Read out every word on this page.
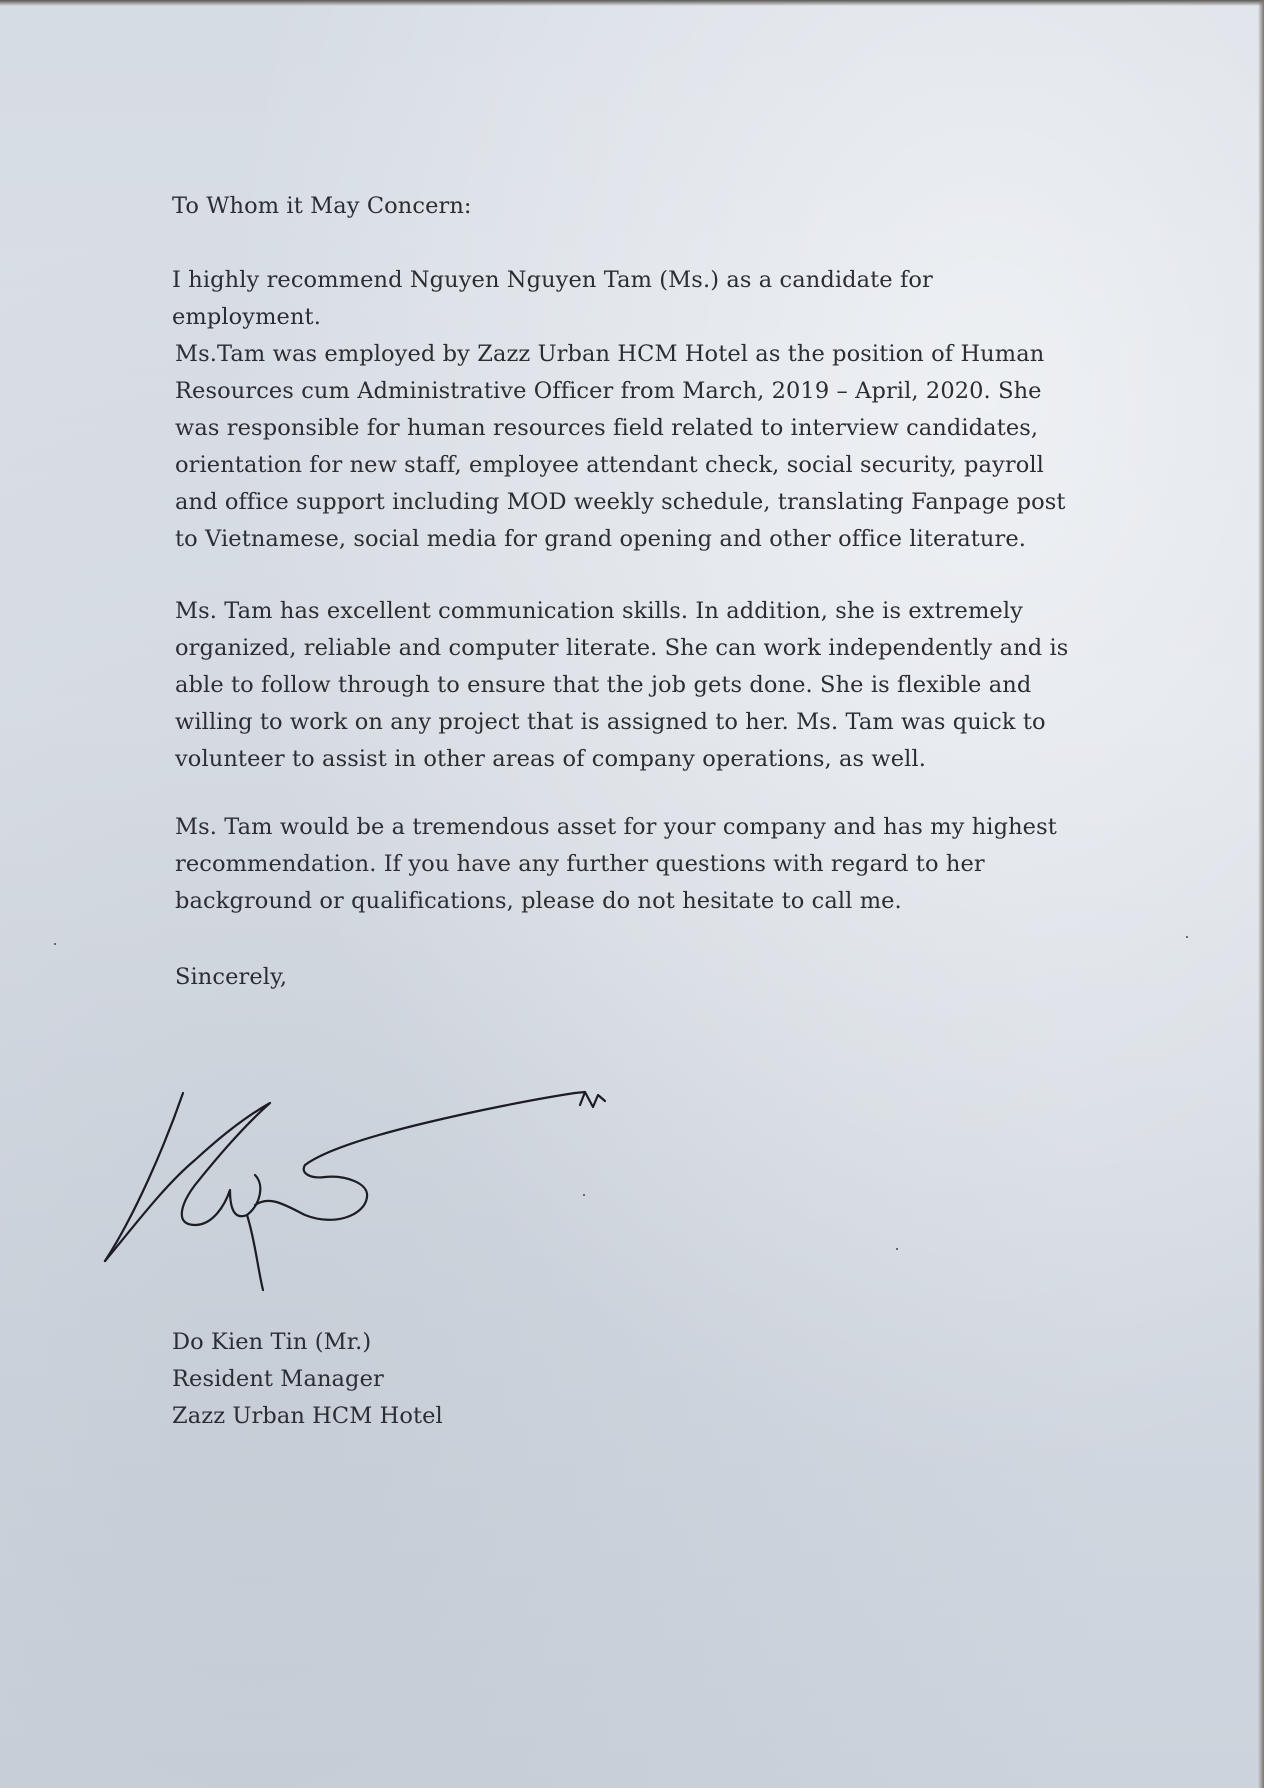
To Whom it May Concern:
I highly recommend Nguyen Nguyen Tam (Ms.) as a candidate for
employment.
Ms.Tam was employed by Zazz Urban HCM Hotel as the position of Human
Resources cum Administrative Officer from March, 2019 – April, 2020. She
was responsible for human resources field related to interview candidates,
orientation for new staff, employee attendant check, social security, payroll
and office support including MOD weekly schedule, translating Fanpage post
to Vietnamese, social media for grand opening and other office literature.
Ms. Tam has excellent communication skills. In addition, she is extremely
organized, reliable and computer literate. She can work independently and is
able to follow through to ensure that the job gets done. She is flexible and
willing to work on any project that is assigned to her. Ms. Tam was quick to
volunteer to assist in other areas of company operations, as well.
Ms. Tam would be a tremendous asset for your company and has my highest
recommendation. If you have any further questions with regard to her
background or qualifications, please do not hesitate to call me.
Sincerely,
Do Kien Tin (Mr.)
Resident Manager
Zazz Urban HCM Hotel
